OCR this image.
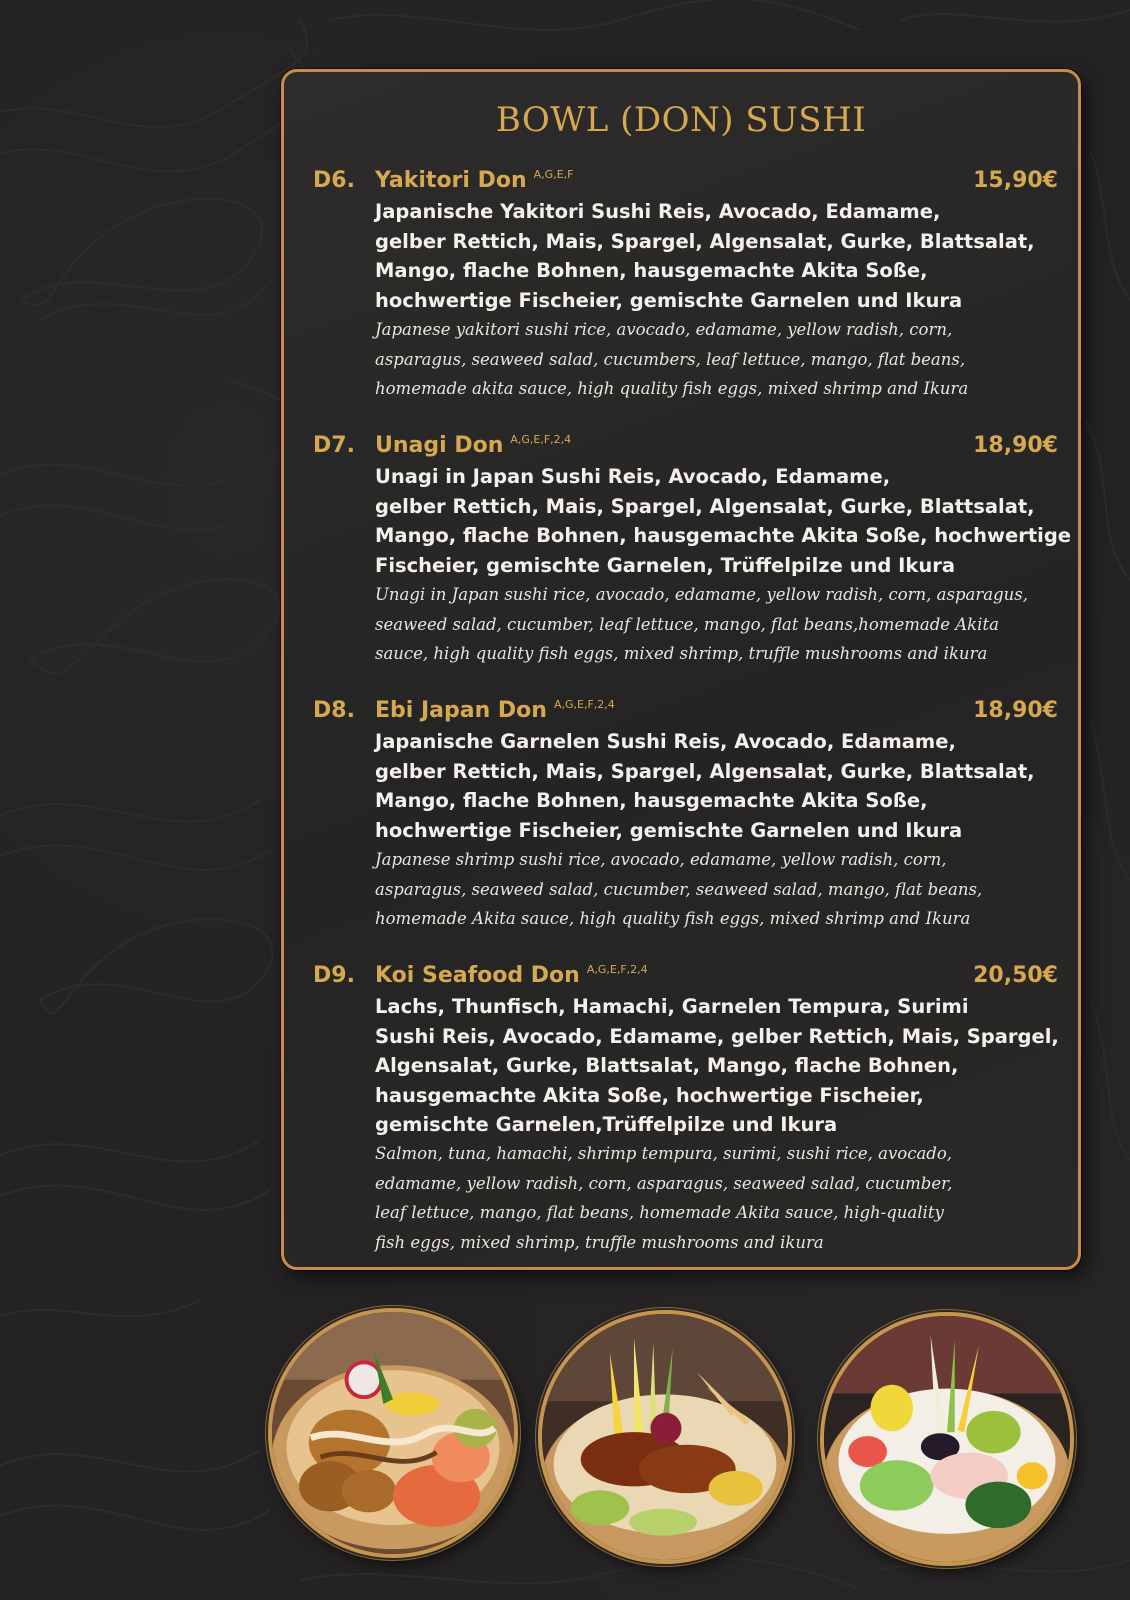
BOWL (DON) SUSHI
D6. Yakitori Don $^{A,G,E,F}$	15,90€
Japanische Yakitori Sushi Reis, Avocado, Edamame,
gelber Rettich, Mais, Spargel, Algensalat, Gurke, Blattsalat,
Mango, flache Bohnen, hausgemachte Akita Soße,
hochwertige Fischeier, gemischte Garnelen und Ikura
Japanese yakitori sushi rice, avocado, edamame, yellow radish, corn,
asparagus, seaweed salad, cucumbers, leaf lettuce, mango, flat beans,
homemade akita sauce, high quality fish eggs, mixed shrimp and Ikura
D7. Unagi Don $^{A,G,E,F,2,4}$	18,90€
Unagi in Japan Sushi Reis, Avocado, Edamame,
gelber Rettich, Mais, Spargel, Algensalat, Gurke, Blattsalat,
Mango, flache Bohnen, hausgemachte Akita Soße, hochwertige
Fischeier, gemischte Garnelen, Trüffelpilze und Ikura
Unagi in Japan sushi rice, avocado, edamame, yellow radish, corn, asparagus,
seaweed salad, cucumber, leaf lettuce, mango, flat beans,homemade Akita
sauce, high quality fish eggs, mixed shrimp, truffle mushrooms and ikura
D8. Ebi Japan Don $^{A,G,E,F,2,4}$	18,90€
Japanische Garnelen Sushi Reis, Avocado, Edamame,
gelber Rettich, Mais, Spargel, Algensalat, Gurke, Blattsalat,
Mango, flache Bohnen, hausgemachte Akita Soße,
hochwertige Fischeier, gemischte Garnelen und Ikura
Japanese shrimp sushi rice, avocado, edamame, yellow radish, corn,
asparagus, seaweed salad, cucumber, seaweed salad, mango, flat beans,
homemade Akita sauce, high quality fish eggs, mixed shrimp and Ikura
D9. Koi Seafood Don $^{A,G,E,F,2,4}$	20,50€
Lachs, Thunfisch, Hamachi, Garnelen Tempura, Surimi
Sushi Reis, Avocado, Edamame, gelber Rettich, Mais, Spargel,
Algensalat, Gurke, Blattsalat, Mango, flache Bohnen,
hausgemachte Akita Soße, hochwertige Fischeier,
gemischte Garnelen,Trüffelpilze und Ikura
Salmon, tuna, hamachi, shrimp tempura, surimi, sushi rice, avocado,
edamame, yellow radish, corn, asparagus, seaweed salad, cucumber,
leaf lettuce, mango, flat beans, homemade Akita sauce, high-quality
fish eggs, mixed shrimp, truffle mushrooms and ikura
